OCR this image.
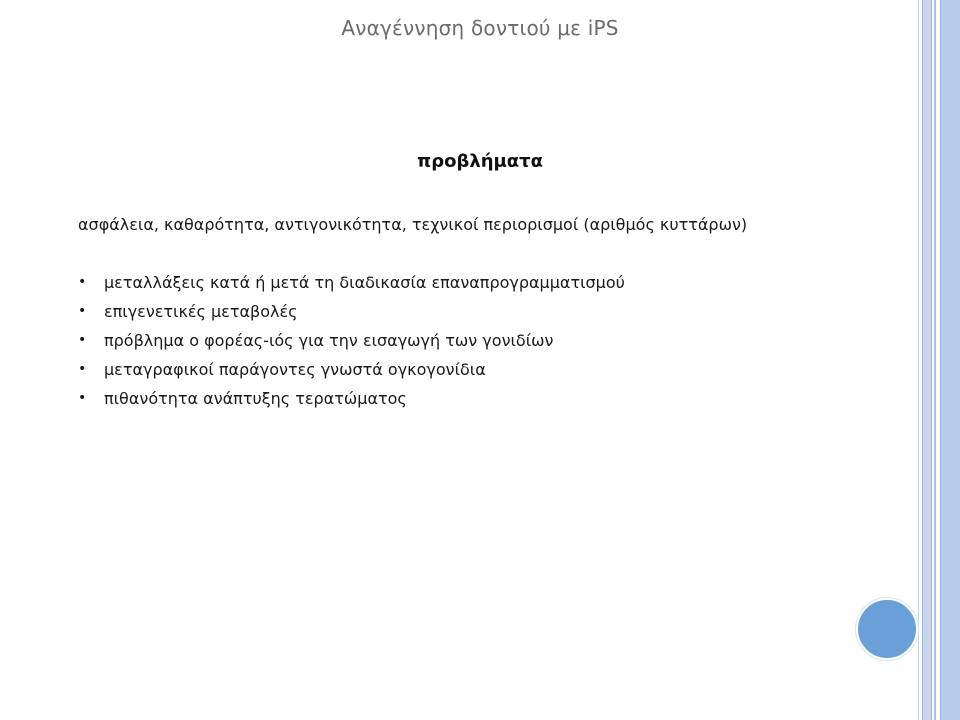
Αναγέννηση δοντιού με iPS
προβλήματα
ασφάλεια, καθαρότητα, αντιγονικότητα, τεχνικοί περιορισμοί (αριθμός κυττάρων)
• μεταλλάξεις κατά ή μετά τη διαδικασία επαναπρογραμματισμού
• επιγενετικές μεταβολές
• πρόβλημα ο φορέας-ιός για την εισαγωγή των γονιδίων
• μεταγραφικοί παράγοντες γνωστά ογκογονίδια
• πιθανότητα ανάπτυξης τερατώματος
